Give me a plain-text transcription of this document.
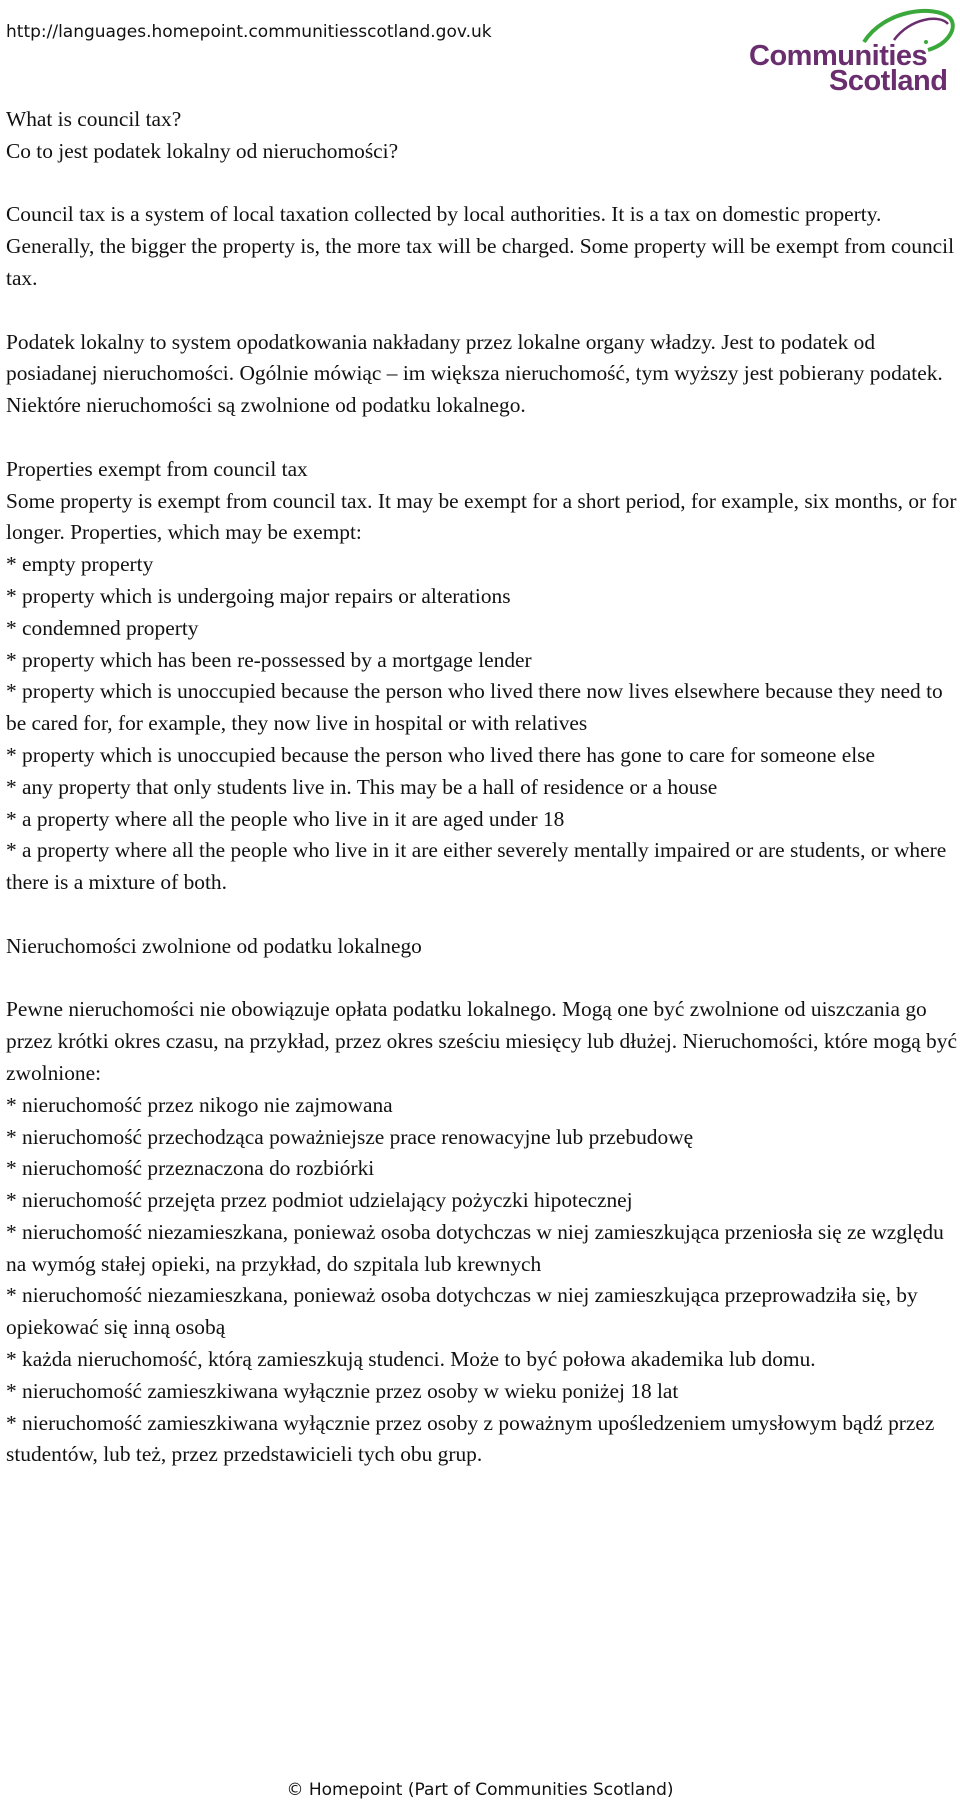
http://languages.homepoint.communitiesscotland.gov.uk
Communities
Scotland
What is council tax?

Co to jest podatek lokalny od nieruchomości?

Council tax is a system of local taxation collected by local authorities. It is a tax on domestic property. Generally, the bigger the property is, the more tax will be charged. Some property will be exempt from council tax.

Podatek lokalny to system opodatkowania nakładany przez lokalne organy władzy. Jest to podatek od posiadanej nieruchomości. Ogólnie mówiąc – im większa nieruchomość, tym wyższy jest pobierany podatek. Niektóre nieruchomości są zwolnione od podatku lokalnego.

Properties exempt from council tax
Some property is exempt from council tax. It may be exempt for a short period, for example, six months, or for longer. Properties, which may be exempt:
* empty property
* property which is undergoing major repairs or alterations
* condemned property
* property which has been re-possessed by a mortgage lender
* property which is unoccupied because the person who lived there now lives elsewhere because they need to be cared for, for example, they now live in hospital or with relatives
* property which is unoccupied because the person who lived there has gone to care for someone else
* any property that only students live in. This may be a hall of residence or a house
* a property where all the people who live in it are aged under 18

* a property where all the people who live in it are either severely mentally impaired or are students, or where there is a mixture of both.

Nieruchomości zwolnione od podatku lokalnego

Pewne nieruchomości nie obowiązuje opłata podatku lokalnego. Mogą one być zwolnione od uiszczania go przez krótki okres czasu, na przykład, przez okres sześciu miesięcy lub dłużej. Nieruchomości, które mogą być zwolnione:
* nieruchomość przez nikogo nie zajmowana
* nieruchomość przechodząca poważniejsze prace renowacyjne lub przebudowę
* nieruchomość przeznaczona do rozbiórki
* nieruchomość przejęta przez podmiot udzielający pożyczki hipotecznej
* nieruchomość niezamieszkana, ponieważ osoba dotychczas w niej zamieszkująca przeniosła się ze względu na wymóg stałej opieki, na przykład, do szpitala lub krewnych
* nieruchomość niezamieszkana, ponieważ osoba dotychczas w niej zamieszkująca przeprowadziła się, by opiekować się inną osobą
* każda nieruchomość, którą zamieszkują studenci. Może to być połowa akademika lub domu.
* nieruchomość zamieszkiwana wyłącznie przez osoby w wieku poniżej 18 lat
* nieruchomość zamieszkiwana wyłącznie przez osoby z poważnym upośledzeniem umysłowym bądź przez studentów, lub też, przez przedstawicieli tych obu grup.
© Homepoint (Part of Communities Scotland)
